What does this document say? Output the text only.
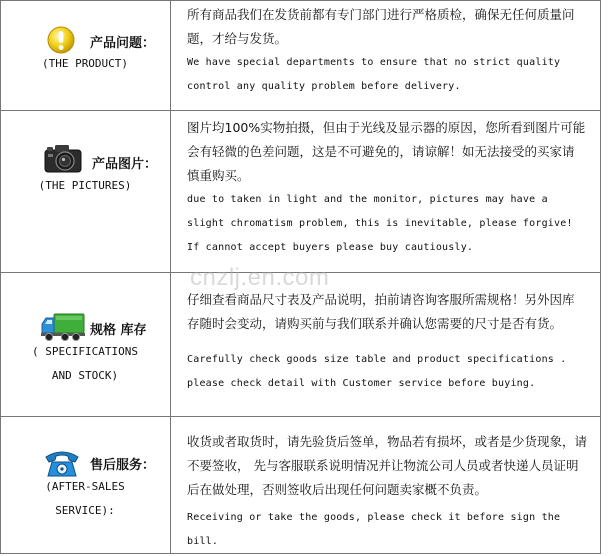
产品问题：
(THE PRODUCT)
所有商品我们在发货前都有专门部门进行严格质检，确保无任何质量问
题，才给与发货。
We have special departments to ensure that no strict quality
control any quality problem before delivery.
产品图片：
(THE PICTURES)
图片均100%实物拍摄，但由于光线及显示器的原因，您所看到图片可能
会有轻微的色差问题，这是不可避免的，请谅解！如无法接受的买家请
慎重购买。
due to taken in light and the monitor, pictures may have a
slight chromatism problem, this is inevitable, please forgive!
If cannot accept buyers please buy cautiously.
cnzlj.en.com
规格 库存
( SPECIFICATIONS
AND STOCK)
仔细查看商品尺寸表及产品说明，拍前请咨询客服所需规格！另外因库
存随时会变动，请购买前与我们联系并确认您需要的尺寸是否有货。
Carefully check goods size table and product specifications .
please check detail with Customer service before buying.
售后服务：
(AFTER-SALES
SERVICE):
收货或者取货时，请先验货后签单，物品若有损坏，或者是少货现象，请
不要签收， 先与客服联系说明情况并让物流公司人员或者快递人员证明
后在做处理，否则签收后出现任何问题卖家概不负责。
Receiving or take the goods, please check it before sign the bill.
